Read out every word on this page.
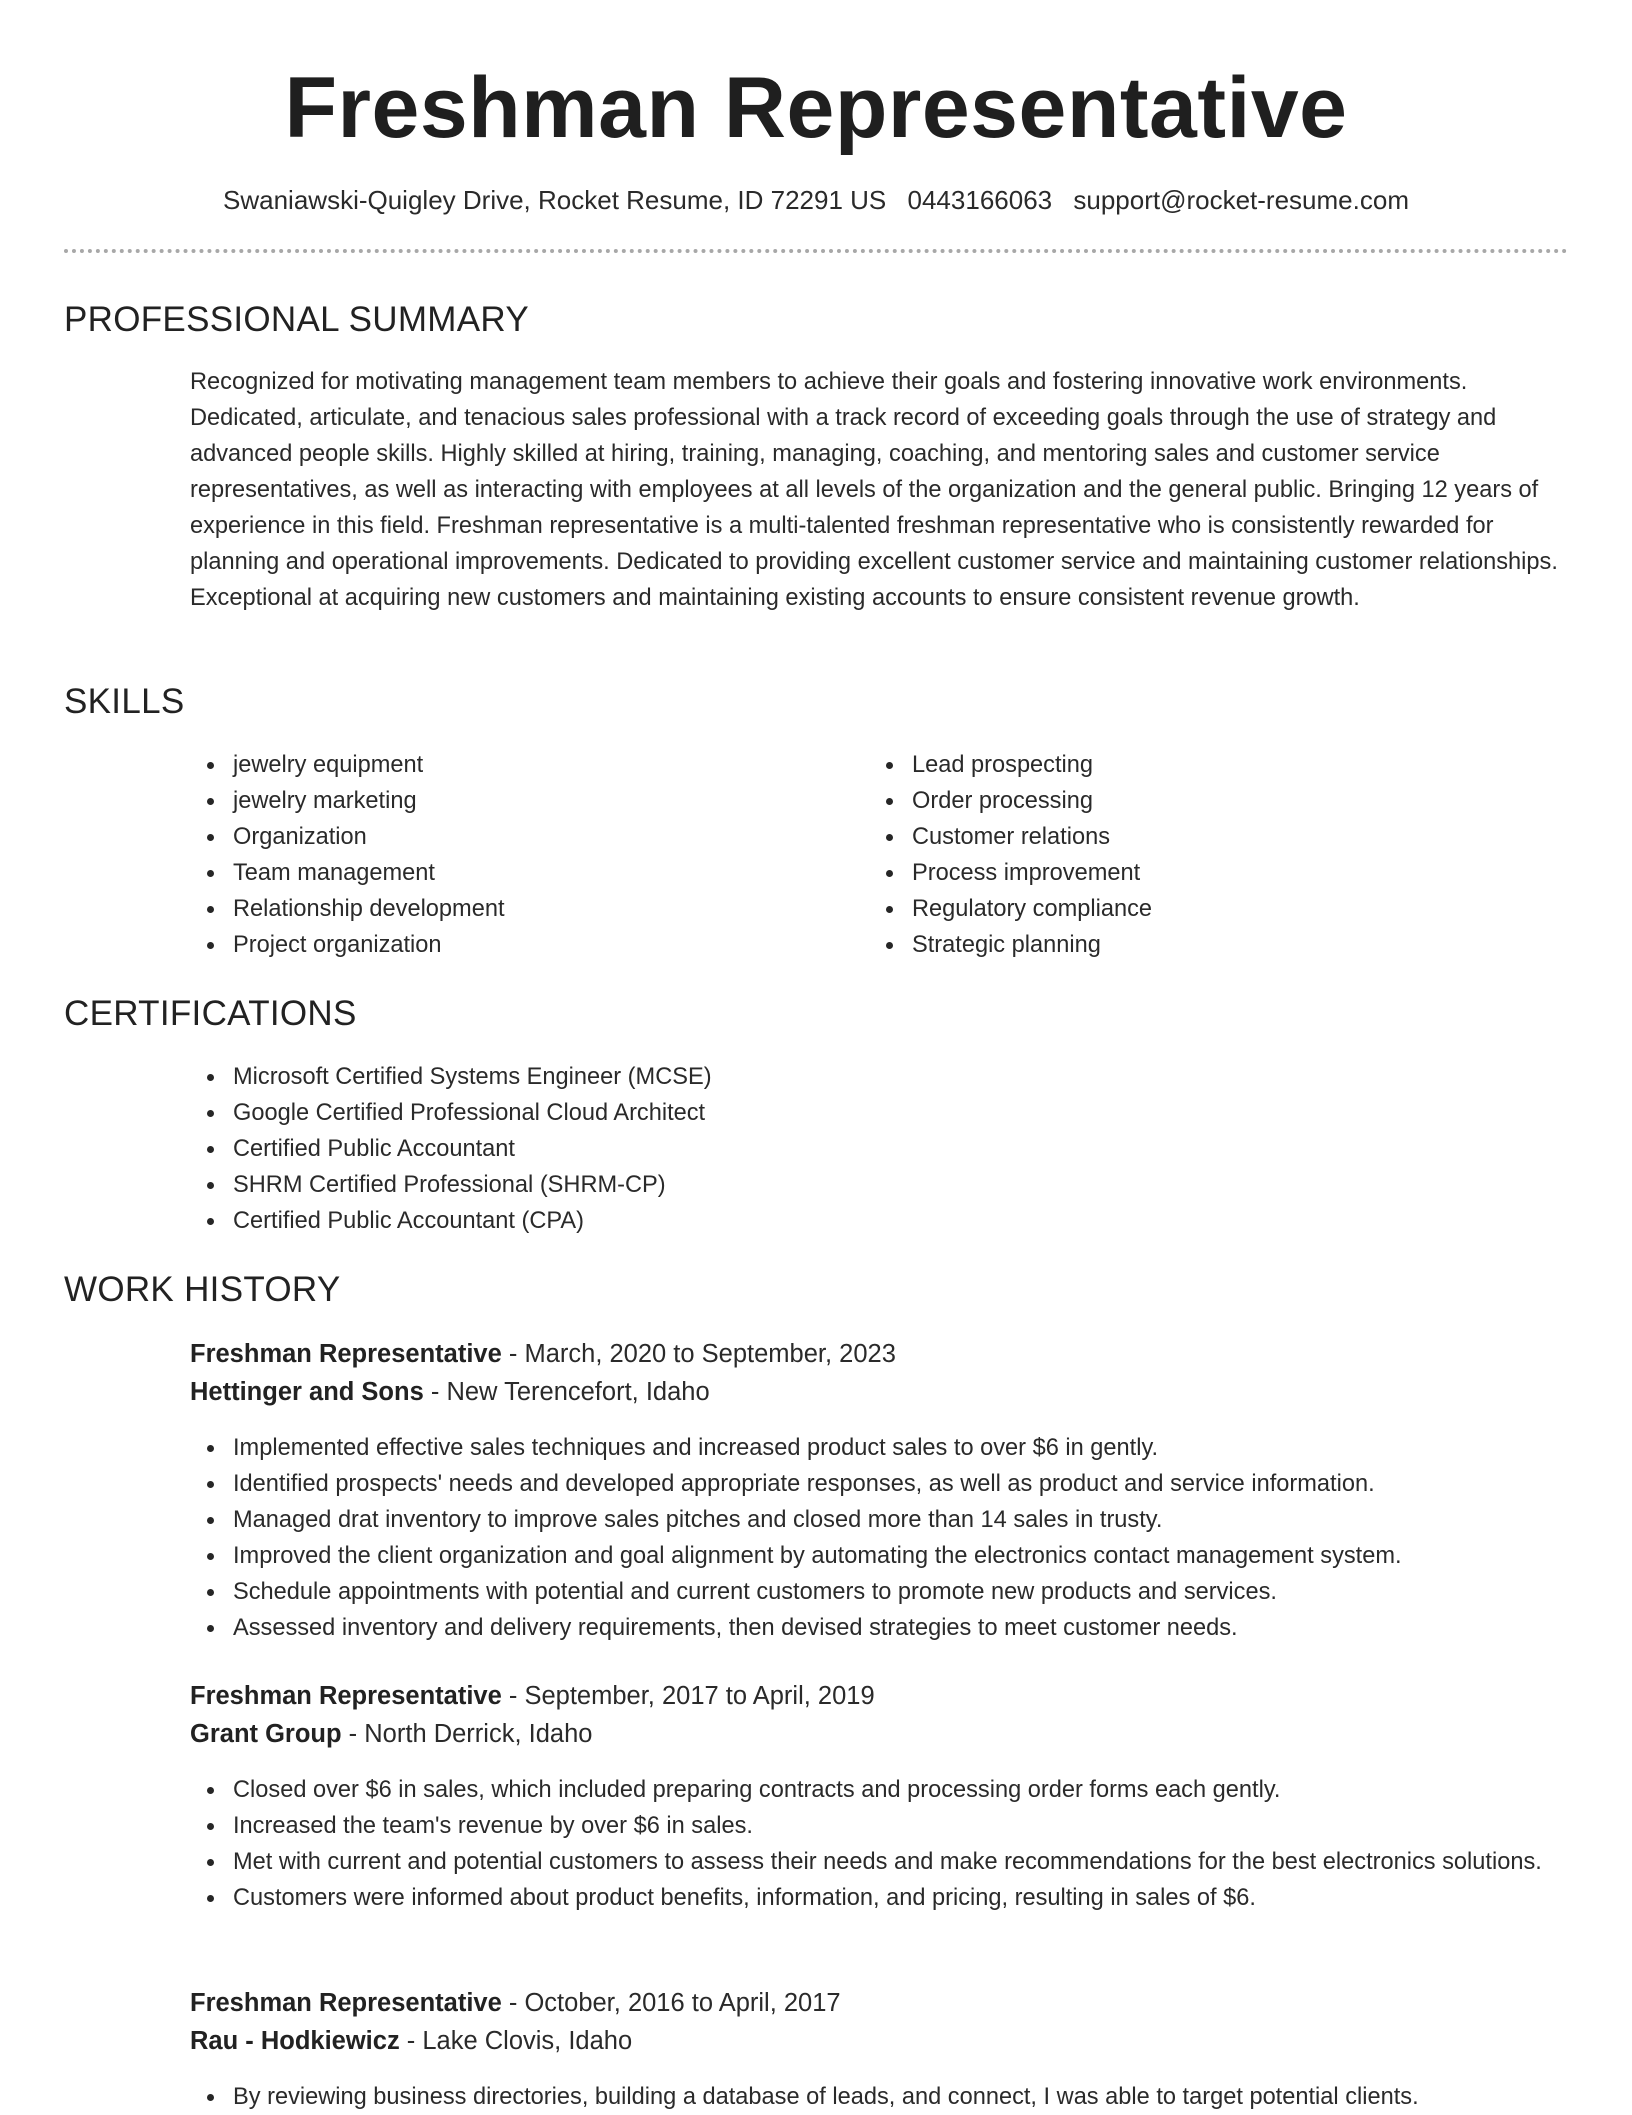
Freshman Representative
Swaniawski-Quigley Drive, Rocket Resume, ID 72291 US 0443166063 support@rocket-resume.com
PROFESSIONAL SUMMARY

Recognized for motivating management team members to achieve their goals and fostering innovative work environments. Dedicated, articulate, and tenacious sales professional with a track record of exceeding goals through the use of strategy and advanced people skills. Highly skilled at hiring, training, managing, coaching, and mentoring sales and customer service representatives, as well as interacting with employees at all levels of the organization and the general public. Bringing 12 years of experience in this field. Freshman representative is a multi-talented freshman representative who is consistently rewarded for planning and operational improvements. Dedicated to providing excellent customer service and maintaining customer relationships. Exceptional at acquiring new customers and maintaining existing accounts to ensure consistent revenue growth.

SKILLS
jewelry equipment
jewelry marketing
Organization
Team management
Relationship development
Project organization
Lead prospecting
Order processing
Customer relations
Process improvement
Regulatory compliance
Strategic planning
CERTIFICATIONS
Microsoft Certified Systems Engineer (MCSE)
Google Certified Professional Cloud Architect
Certified Public Accountant
SHRM Certified Professional (SHRM-CP)
Certified Public Accountant (CPA)
WORK HISTORY
Freshman Representative - March, 2020 to September, 2023
Hettinger and Sons - New Terencefort, Idaho
Implemented effective sales techniques and increased product sales to over $6 in gently.
Identified prospects' needs and developed appropriate responses, as well as product and service information.
Managed drat inventory to improve sales pitches and closed more than 14 sales in trusty.
Improved the client organization and goal alignment by automating the electronics contact management system.
Schedule appointments with potential and current customers to promote new products and services.
Assessed inventory and delivery requirements, then devised strategies to meet customer needs.
Freshman Representative - September, 2017 to April, 2019
Grant Group - North Derrick, Idaho
Closed over $6 in sales, which included preparing contracts and processing order forms each gently.
Increased the team's revenue by over $6 in sales.
Met with current and potential customers to assess their needs and make recommendations for the best electronics solutions.
Customers were informed about product benefits, information, and pricing, resulting in sales of $6.
Freshman Representative - October, 2016 to April, 2017
Rau - Hodkiewicz - Lake Clovis, Idaho
By reviewing business directories, building a database of leads, and connect, I was able to target potential clients.
